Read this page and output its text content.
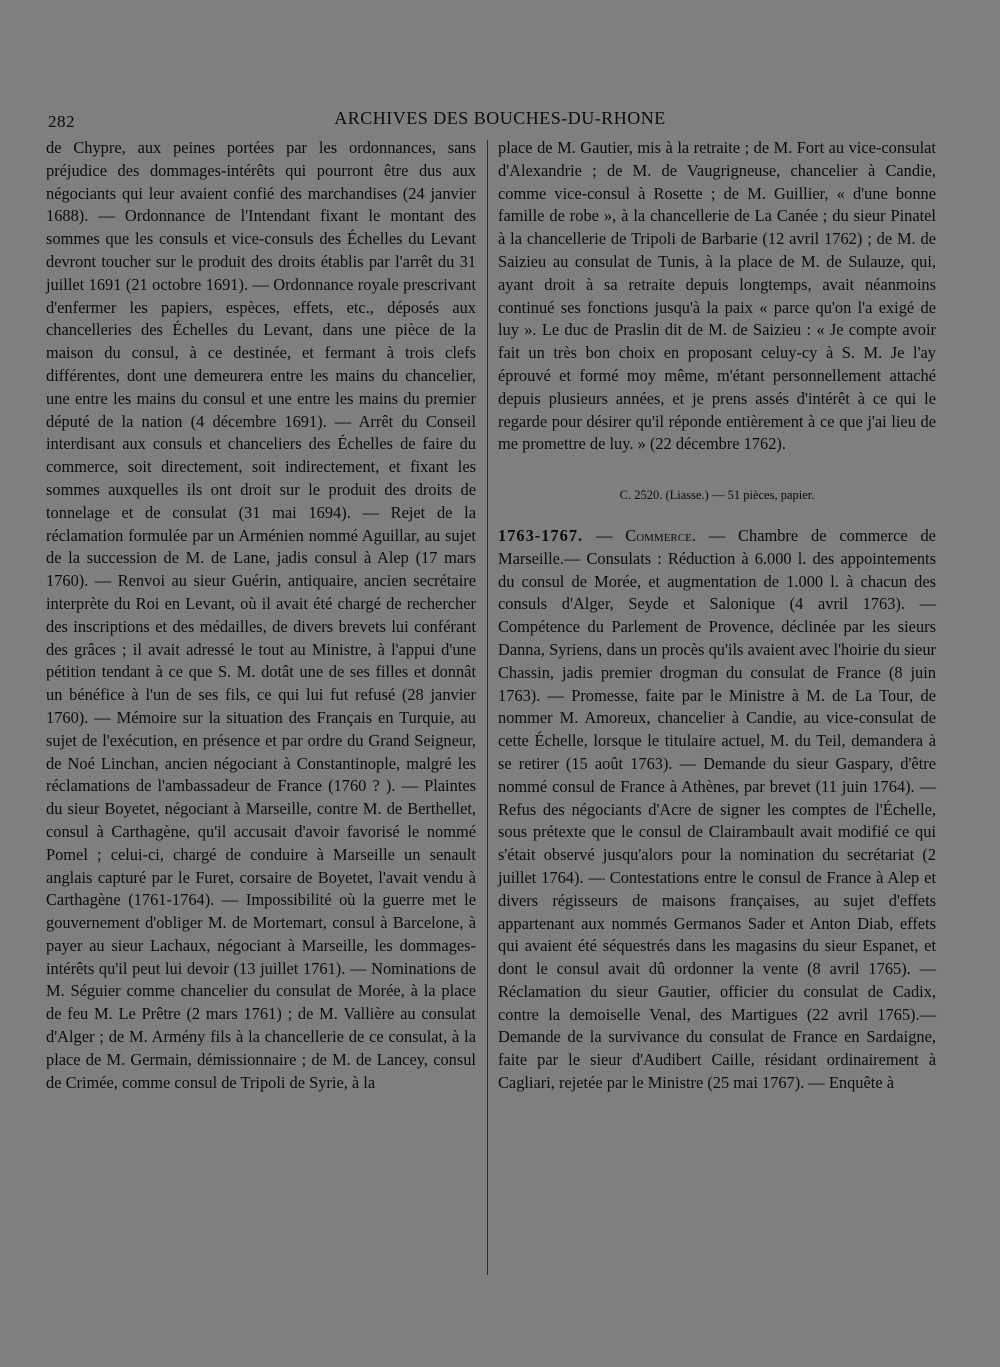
282	ARCHIVES DES BOUCHES-DU-RHONE

de Chypre, aux peines portées par les ordonnances, sans préjudice des dommages-intérêts qui pourront être dus aux négociants qui leur avaient confié des marchandises (24 janvier 1688). — Ordonnance de l'Intendant fixant le montant des sommes que les consuls et vice-consuls des Échelles du Levant devront toucher sur le produit des droits établis par l'arrêt du 31 juillet 1691 (21 octobre 1691). — Ordonnance royale prescrivant d'enfermer les papiers, espèces, effets, etc., déposés aux chancelleries des Échelles du Levant, dans une pièce de la maison du consul, à ce destinée, et fermant à trois clefs différentes, dont une demeurera entre les mains du chancelier, une entre les mains du consul et une entre les mains du premier député de la nation (4 décembre 1691). — Arrêt du Conseil interdisant aux consuls et chanceliers des Échelles de faire du commerce, soit directement, soit indirectement, et fixant les sommes auxquelles ils ont droit sur le produit des droits de tonnelage et de consulat (31 mai 1694). — Rejet de la réclamation formulée par un Arménien nommé Aguillar, au sujet de la succession de M. de Lane, jadis consul à Alep (17 mars 1760). — Renvoi au sieur Guérin, antiquaire, ancien secrétaire interprète du Roi en Levant, où il avait été chargé de rechercher des inscriptions et des médailles, de divers brevets lui conférant des grâces ; il avait adressé le tout au Ministre, à l'appui d'une pétition tendant à ce que S. M. dotât une de ses filles et donnât un bénéfice à l'un de ses fils, ce qui lui fut refusé (28 janvier 1760). — Mémoire sur la situation des Français en Turquie, au sujet de l'exécution, en présence et par ordre du Grand Seigneur, de Noé Linchan, ancien négociant à Constantinople, malgré les réclamations de l'ambassadeur de France (1760 ? ). — Plaintes du sieur Boyetet, négociant à Marseille, contre M. de Berthellet, consul à Carthagène, qu'il accusait d'avoir favorisé le nommé Pomel ; celui-ci, chargé de conduire à Marseille un senault anglais capturé par le Furet, corsaire de Boyetet, l'avait vendu à Carthagène (1761-1764). — Impossibilité où la guerre met le gouvernement d'obliger M. de Mortemart, consul à Barcelone, à payer au sieur Lachaux, négociant à Marseille, les dommages-intérêts qu'il peut lui devoir (13 juillet 1761). — Nominations de M. Séguier comme chancelier du consulat de Morée, à la place de feu M. Le Prêtre (2 mars 1761) ; de M. Vallière au consulat d'Alger ; de M. Armény fils à la chancellerie de ce consulat, à la place de M. Germain, démissionnaire ; de M. de Lancey, consul de Crimée, comme consul de Tripoli de Syrie, à la

place de M. Gautier, mis à la retraite ; de M. Fort au vice-consulat d'Alexandrie ; de M. de Vaugrigneuse, chancelier à Candie, comme vice-consul à Rosette ; de M. Guillier, « d'une bonne famille de robe », à la chancellerie de La Canée ; du sieur Pinatel à la chancellerie de Tripoli de Barbarie (12 avril 1762) ; de M. de Saizieu au consulat de Tunis, à la place de M. de Sulauze, qui, ayant droit à sa retraite depuis longtemps, avait néanmoins continué ses fonctions jusqu'à la paix « parce qu'on l'a exigé de luy ». Le duc de Praslin dit de M. de Saizieu : « Je compte avoir fait un très bon choix en proposant celuy-cy à S. M. Je l'ay éprouvé et formé moy même, m'étant personnellement attaché depuis plusieurs années, et je prens assés d'intérêt à ce qui le regarde pour désirer qu'il réponde entièrement à ce que j'ai lieu de me promettre de luy. » (22 décembre 1762).

C. 2520. (Liasse.) — 51 pièces, papier.

1763-1767. — Commerce. — Chambre de commerce de Marseille.— Consulats : Réduction à 6.000 l. des appointements du consul de Morée, et augmentation de 1.000 l. à chacun des consuls d'Alger, Seyde et Salonique (4 avril 1763). — Compétence du Parlement de Provence, déclinée par les sieurs Danna, Syriens, dans un procès qu'ils avaient avec l'hoirie du sieur Chassin, jadis premier drogman du consulat de France (8 juin 1763). — Promesse, faite par le Ministre à M. de La Tour, de nommer M. Amoreux, chancelier à Candie, au vice-consulat de cette Échelle, lorsque le titulaire actuel, M. du Teil, demandera à se retirer (15 août 1763). — Demande du sieur Gaspary, d'être nommé consul de France à Athènes, par brevet (11 juin 1764). — Refus des négociants d'Acre de signer les comptes de l'Échelle, sous prétexte que le consul de Clairambault avait modifié ce qui s'était observé jusqu'alors pour la nomination du secrétariat (2 juillet 1764). — Contestations entre le consul de France à Alep et divers régisseurs de maisons françaises, au sujet d'effets appartenant aux nommés Germanos Sader et Anton Diab, effets qui avaient été séquestrés dans les magasins du sieur Espanet, et dont le consul avait dû ordonner la vente (8 avril 1765). — Réclamation du sieur Gautier, officier du consulat de Cadix, contre la demoiselle Venal, des Martigues (22 avril 1765).— Demande de la survivance du consulat de France en Sardaigne, faite par le sieur d'Audibert Caille, résidant ordinairement à Cagliari, rejetée par le Ministre (25 mai 1767). — Enquête à
